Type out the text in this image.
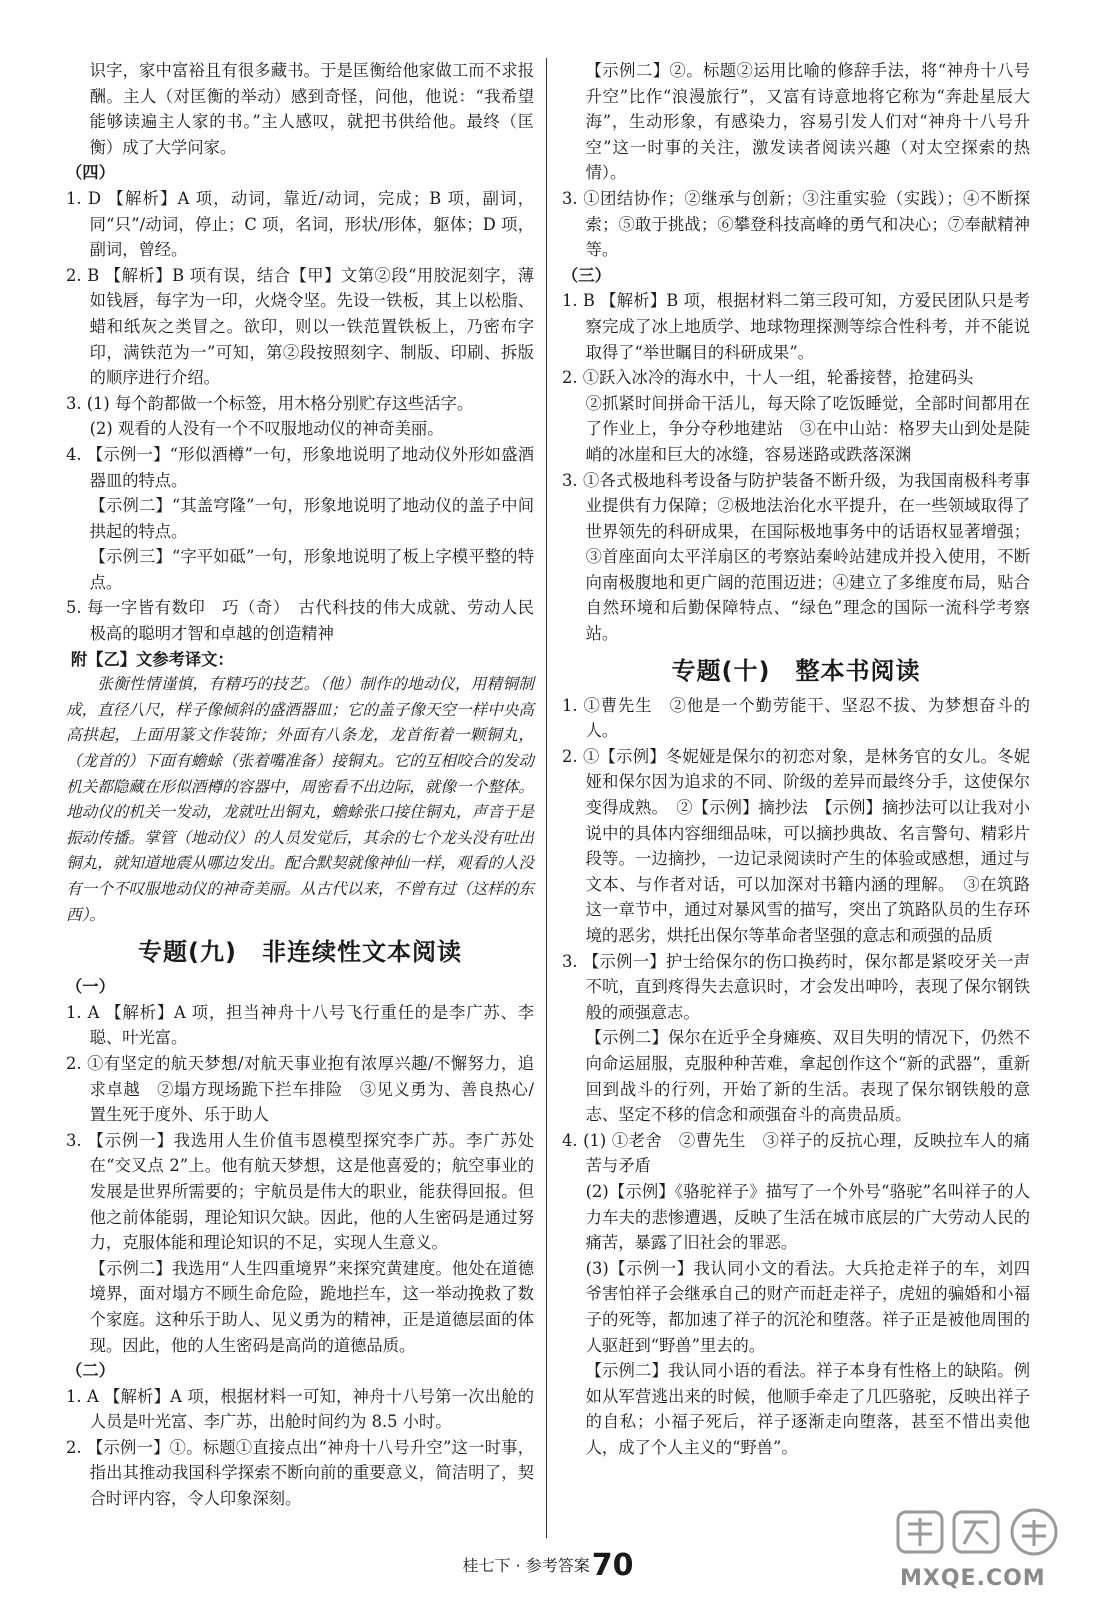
识字，家中富裕且有很多藏书。于是匡衡给他家做工而不求报酬。主人（对匡衡的举动）感到奇怪，问他，他说：“我希望能够读遍主人家的书。”主人感叹，就把书供给他。最终（匡衡）成了大学问家。

（四）

1. D 【解析】A 项，动词，靠近/动词，完成；B 项，副词，同“只”/动词，停止；C 项，名词，形状/形体，躯体；D 项，副词，曾经。

2. B 【解析】B 项有误，结合【甲】文第②段“用胶泥刻字，薄如钱唇，每字为一印，火烧令坚。先设一铁板，其上以松脂、蜡和纸灰之类冒之。欲印，则以一铁范置铁板上，乃密布字印，满铁范为一”可知，第②段按照刻字、制版、印刷、拆版的顺序进行介绍。

3. (1) 每个韵都做一个标签，用木格分别贮存这些活字。

(2) 观看的人没有一个不叹服地动仪的神奇美丽。

4. 【示例一】“形似酒樽”一句，形象地说明了地动仪外形如盛酒器皿的特点。

【示例二】“其盖穹隆”一句，形象地说明了地动仪的盖子中间拱起的特点。

【示例三】“字平如砥”一句，形象地说明了板上字模平整的特点。

5. 每一字皆有数印　巧（奇）　古代科技的伟大成就、劳动人民极高的聪明才智和卓越的创造精神

附【乙】文参考译文：

张衡性情谨慎，有精巧的技艺。（他）制作的地动仪，用精铜制成，直径八尺，样子像倾斜的盛酒器皿；它的盖子像天空一样中央高高拱起，上面用篆文作装饰；外面有八条龙，龙首衔着一颗铜丸，（龙首的）下面有蟾蜍（张着嘴准备）接铜丸。它的互相咬合的发动机关都隐藏在形似酒樽的容器中，周密看不出边际，就像一个整体。地动仪的机关一发动，龙就吐出铜丸，蟾蜍张口接住铜丸，声音于是振动传播。掌管（地动仪）的人员发觉后，其余的七个龙头没有吐出铜丸，就知道地震从哪边发出。配合默契就像神仙一样，观看的人没有一个不叹服地动仪的神奇美丽。从古代以来，不曾有过（这样的东西）。

专题(九)　非连续性文本阅读

（一）

1. A 【解析】A 项，担当神舟十八号飞行重任的是李广苏、李聪、叶光富。

2. ①有坚定的航天梦想/对航天事业抱有浓厚兴趣/不懈努力，追求卓越　②塌方现场跪下拦车排险　③见义勇为、善良热心/置生死于度外、乐于助人

3. 【示例一】我选用人生价值韦恩模型探究李广苏。李广苏处在“交叉点 2”上。他有航天梦想，这是他喜爱的；航空事业的发展是世界所需要的；宇航员是伟大的职业，能获得回报。但他之前体能弱，理论知识欠缺。因此，他的人生密码是通过努力，克服体能和理论知识的不足，实现人生意义。

【示例二】我选用“人生四重境界”来探究黄建度。他处在道德境界，面对塌方不顾生命危险，跪地拦车，这一举动挽救了数个家庭。这种乐于助人、见义勇为的精神，正是道德层面的体现。因此，他的人生密码是高尚的道德品质。

（二）

1. A 【解析】A 项，根据材料一可知，神舟十八号第一次出舱的人员是叶光富、李广苏，出舱时间约为 8.5 小时。

2. 【示例一】①。标题①直接点出“神舟十八号升空”这一时事，指出其推动我国科学探索不断向前的重要意义，简洁明了，契合时评内容，令人印象深刻。

【示例二】②。标题②运用比喻的修辞手法，将“神舟十八号升空”比作“浪漫旅行”，又富有诗意地将它称为“奔赴星辰大海”，生动形象，有感染力，容易引发人们对“神舟十八号升空”这一时事的关注，激发读者阅读兴趣（对太空探索的热情）。

3. ①团结协作；②继承与创新；③注重实验（实践）；④不断探索；⑤敢于挑战；⑥攀登科技高峰的勇气和决心；⑦奉献精神等。

（三）

1. B 【解析】B 项，根据材料二第三段可知，方爱民团队只是考察完成了冰上地质学、地球物理探测等综合性科考，并不能说取得了“举世瞩目的科研成果”。

2. ①跃入冰冷的海水中，十人一组，轮番接替，抢建码头

②抓紧时间拼命干活儿，每天除了吃饭睡觉，全部时间都用在了作业上，争分夺秒地建站　③在中山站：格罗夫山到处是陡峭的冰崖和巨大的冰缝，容易迷路或跌落深渊

3. ①各式极地科考设备与防护装备不断升级，为我国南极科考事业提供有力保障；②极地法治化水平提升，在一些领域取得了世界领先的科研成果，在国际极地事务中的话语权显著增强；③首座面向太平洋扇区的考察站秦岭站建成并投入使用，不断向南极腹地和更广阔的范围迈进；④建立了多维度布局，贴合自然环境和后勤保障特点、“绿色”理念的国际一流科学考察站。

专题(十)　整本书阅读

1. ①曹先生　②他是一个勤劳能干、坚忍不拔、为梦想奋斗的人。

2. ①【示例】冬妮娅是保尔的初恋对象，是林务官的女儿。冬妮娅和保尔因为追求的不同、阶级的差异而最终分手，这使保尔变得成熟。　②【示例】摘抄法　【示例】摘抄法可以让我对小说中的具体内容细细品味，可以摘抄典故、名言警句、精彩片段等。一边摘抄，一边记录阅读时产生的体验或感想，通过与文本、与作者对话，可以加深对书籍内涵的理解。　③在筑路这一章节中，通过对暴风雪的描写，突出了筑路队员的生存环境的恶劣，烘托出保尔等革命者坚强的意志和顽强的品质

3. 【示例一】护士给保尔的伤口换药时，保尔都是紧咬牙关一声不吭，直到疼得失去意识时，才会发出呻吟，表现了保尔钢铁般的顽强意志。

【示例二】保尔在近乎全身瘫痪、双目失明的情况下，仍然不向命运屈服，克服种种苦难，拿起创作这个“新的武器”，重新回到战斗的行列，开始了新的生活。表现了保尔钢铁般的意志、坚定不移的信念和顽强奋斗的高贵品质。

4. (1) ①老舍　②曹先生　③祥子的反抗心理，反映拉车人的痛苦与矛盾

(2)【示例】《骆驼祥子》描写了一个外号“骆驼”名叫祥子的人力车夫的悲惨遭遇，反映了生活在城市底层的广大劳动人民的痛苦，暴露了旧社会的罪恶。

(3)【示例一】我认同小文的看法。大兵抢走祥子的车，刘四爷害怕祥子会继承自己的财产而赶走祥子，虎妞的骗婚和小福子的死等，都加速了祥子的沉沦和堕落。祥子正是被他周围的人驱赶到“野兽”里去的。

【示例二】我认同小语的看法。祥子本身有性格上的缺陷。例如从军营逃出来的时候，他顺手牵走了几匹骆驼，反映出祥子的自私；小福子死后，祥子逐渐走向堕落，甚至不惜出卖他人，成了个人主义的“野兽”。

桂七下 · 参考答案70	MXQE.COM
